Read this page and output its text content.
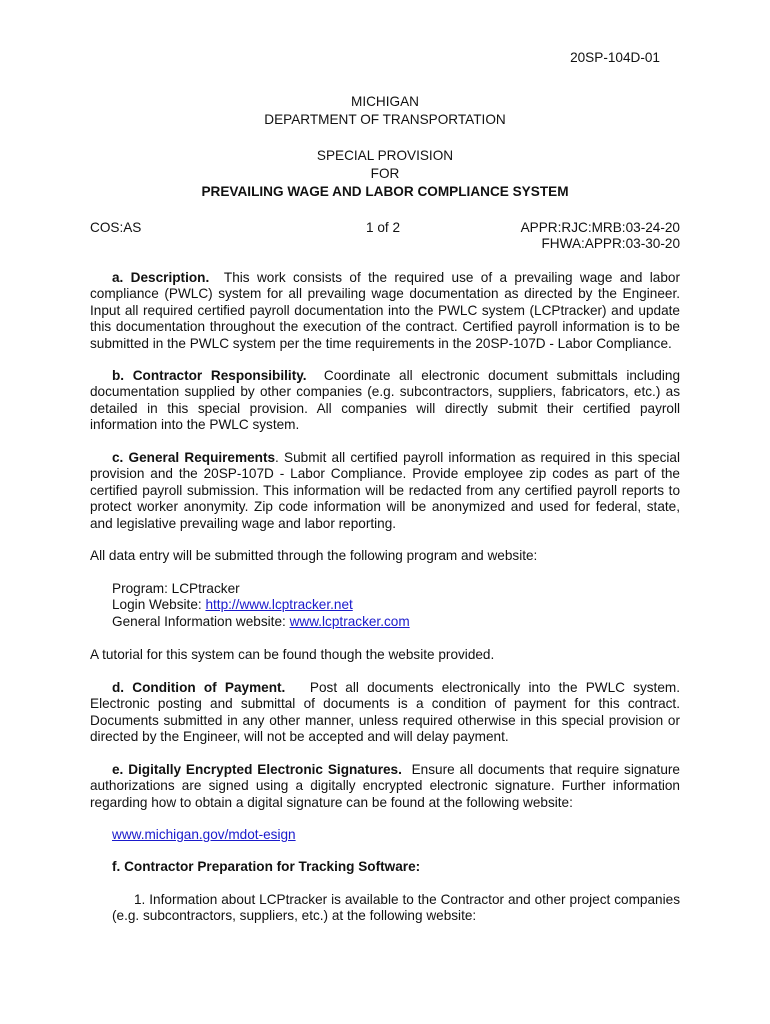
20SP-104D-01
MICHIGAN
DEPARTMENT OF TRANSPORTATION
SPECIAL PROVISION
FOR
PREVAILING WAGE AND LABOR COMPLIANCE SYSTEM
COS:AS	1 of 2	APPR:RJC:MRB:03-24-20
FHWA:APPR:03-30-20

a. Description. This work consists of the required use of a prevailing wage and labor compliance (PWLC) system for all prevailing wage documentation as directed by the Engineer. Input all required certified payroll documentation into the PWLC system (LCPtracker) and update this documentation throughout the execution of the contract. Certified payroll information is to be submitted in the PWLC system per the time requirements in the 20SP-107D - Labor Compliance.

b. Contractor Responsibility. Coordinate all electronic document submittals including documentation supplied by other companies (e.g. subcontractors, suppliers, fabricators, etc.) as detailed in this special provision. All companies will directly submit their certified payroll information into the PWLC system.

c. General Requirements. Submit all certified payroll information as required in this special provision and the 20SP-107D - Labor Compliance. Provide employee zip codes as part of the certified payroll submission. This information will be redacted from any certified payroll reports to protect worker anonymity. Zip code information will be anonymized and used for federal, state, and legislative prevailing wage and labor reporting.

All data entry will be submitted through the following program and website:

Program: LCPtracker
Login Website: http://www.lcptracker.net
General Information website: www.lcptracker.com

A tutorial for this system can be found though the website provided.

d. Condition of Payment. Post all documents electronically into the PWLC system. Electronic posting and submittal of documents is a condition of payment for this contract. Documents submitted in any other manner, unless required otherwise in this special provision or directed by the Engineer, will not be accepted and will delay payment.

e. Digitally Encrypted Electronic Signatures. Ensure all documents that require signature authorizations are signed using a digitally encrypted electronic signature. Further information regarding how to obtain a digital signature can be found at the following website:

www.michigan.gov/mdot-esign
f. Contractor Preparation for Tracking Software:

1. Information about LCPtracker is available to the Contractor and other project companies (e.g. subcontractors, suppliers, etc.) at the following website:
